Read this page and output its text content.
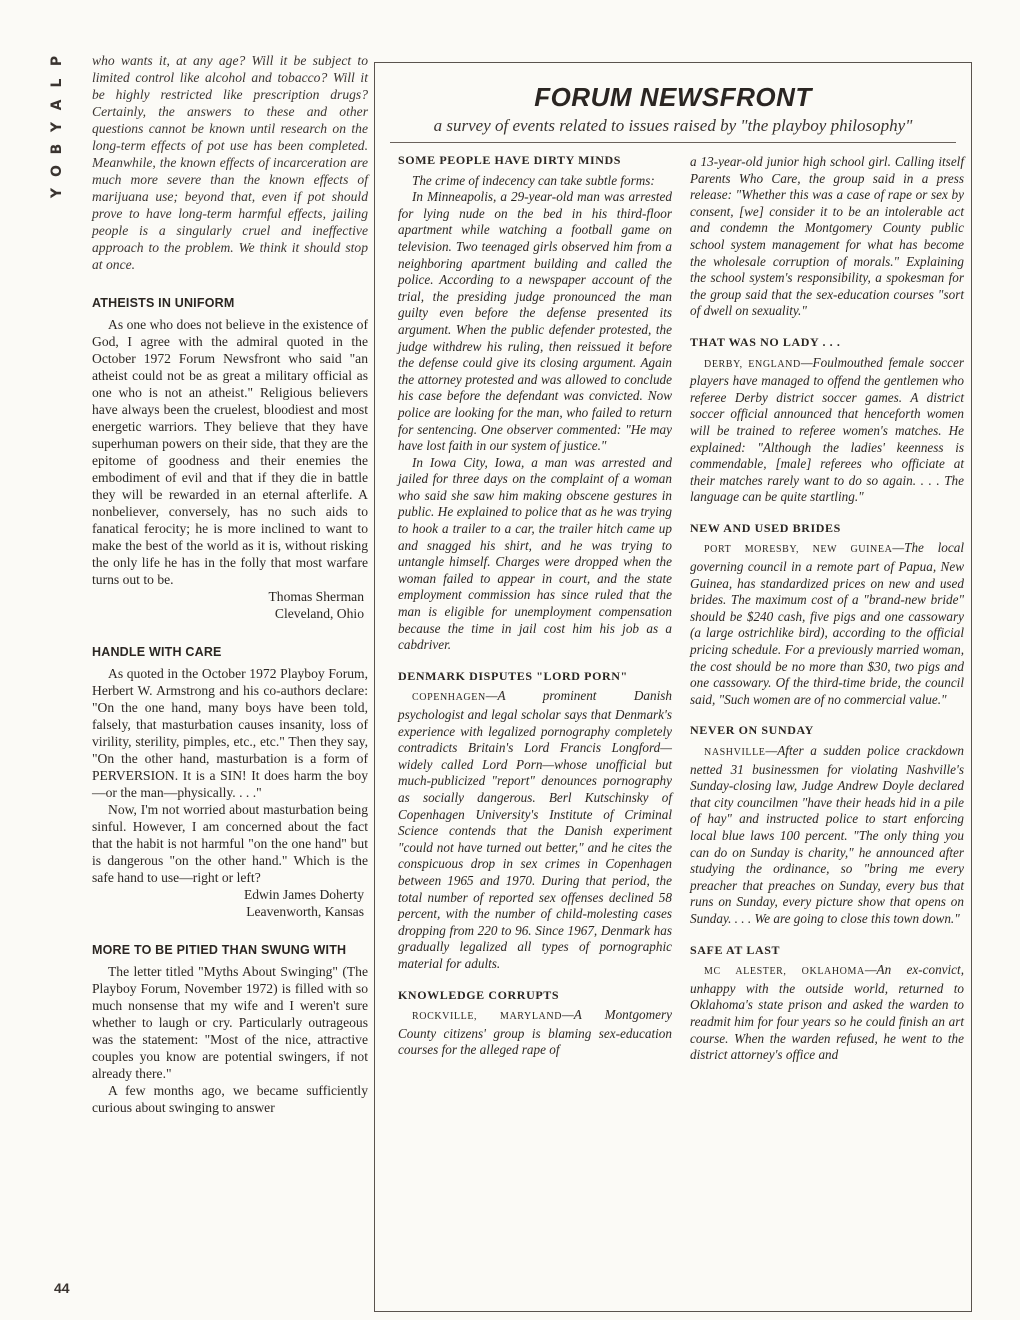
P
L
A
Y
B
O
Y
44

who wants it, at any age? Will it be subject to limited control like alcohol and tobacco? Will it be highly restricted like prescription drugs? Certainly, the answers to these and other questions cannot be known until research on the long-term effects of pot use has been completed. Meanwhile, the known effects of incarceration are much more severe than the known effects of marijuana use; beyond that, even if pot should prove to have long-term harmful effects, jailing people is a singularly cruel and ineffective approach to the problem. We think it should stop at once.

ATHEISTS IN UNIFORM

As one who does not believe in the existence of God, I agree with the admiral quoted in the October 1972 Forum Newsfront who said "an atheist could not be as great a military official as one who is not an atheist." Religious believers have always been the cruelest, bloodiest and most energetic warriors. They believe that they have superhuman powers on their side, that they are the epitome of goodness and their enemies the embodiment of evil and that if they die in battle they will be rewarded in an eternal afterlife. A nonbeliever, conversely, has no such aids to fanatical ferocity; he is more inclined to want to make the best of the world as it is, without risking the only life he has in the folly that most warfare turns out to be.

Thomas Sherman

Cleveland, Ohio

HANDLE WITH CARE

As quoted in the October 1972 Playboy Forum, Herbert W. Armstrong and his co-authors declare: "On the one hand, many boys have been told, falsely, that masturbation causes insanity, loss of virility, sterility, pimples, etc., etc." Then they say, "On the other hand, masturbation is a form of PERVERSION. It is a SIN! It does harm the boy—or the man—physically. . . ."

Now, I'm not worried about masturbation being sinful. However, I am concerned about the fact that the habit is not harmful "on the one hand" but is dangerous "on the other hand." Which is the safe hand to use—right or left?

Edwin James Doherty

Leavenworth, Kansas

MORE TO BE PITIED THAN SWUNG WITH

The letter titled "Myths About Swinging" (The Playboy Forum, November 1972) is filled with so much nonsense that my wife and I weren't sure whether to laugh or cry. Particularly outrageous was the statement: "Most of the nice, attractive couples you know are potential swingers, if not already there."

A few months ago, we became sufficiently curious about swinging to answer

FORUM NEWSFRONT
a survey of events related to issues raised by "the playboy philosophy"
SOME PEOPLE HAVE DIRTY MINDS

The crime of indecency can take subtle forms:

In Minneapolis, a 29-year-old man was arrested for lying nude on the bed in his third-floor apartment while watching a football game on television. Two teenaged girls observed him from a neighboring apartment building and called the police. According to a newspaper account of the trial, the presiding judge pronounced the man guilty even before the defense presented its argument. When the public defender protested, the judge withdrew his ruling, then reissued it before the defense could give its closing argument. Again the attorney protested and was allowed to conclude his case before the defendant was convicted. Now police are looking for the man, who failed to return for sentencing. One observer commented: "He may have lost faith in our system of justice."

In Iowa City, Iowa, a man was arrested and jailed for three days on the complaint of a woman who said she saw him making obscene gestures in public. He explained to police that as he was trying to hook a trailer to a car, the trailer hitch came up and snagged his shirt, and he was trying to untangle himself. Charges were dropped when the woman failed to appear in court, and the state employment commission has since ruled that the man is eligible for unemployment compensation because the time in jail cost him his job as a cabdriver.

DENMARK DISPUTES "LORD PORN"

COPENHAGEN—A prominent Danish psychologist and legal scholar says that Denmark's experience with legalized pornography completely contradicts Britain's Lord Francis Longford—widely called Lord Porn—whose unofficial but much-publicized "report" denounces pornography as socially dangerous. Berl Kutschinsky of Copenhagen University's Institute of Criminal Science contends that the Danish experiment "could not have turned out better," and he cites the conspicuous drop in sex crimes in Copenhagen between 1965 and 1970. During that period, the total number of reported sex offenses declined 58 percent, with the number of child-molesting cases dropping from 220 to 96. Since 1967, Denmark has gradually legalized all types of pornographic material for adults.

KNOWLEDGE CORRUPTS

ROCKVILLE, MARYLAND—A Montgomery County citizens' group is blaming sex-education courses for the alleged rape of

a 13-year-old junior high school girl. Calling itself Parents Who Care, the group said in a press release: "Whether this was a case of rape or sex by consent, [we] consider it to be an intolerable act and condemn the Montgomery County public school system management for what has become the wholesale corruption of morals." Explaining the school system's responsibility, a spokesman for the group said that the sex-education courses "sort of dwell on sexuality."

THAT WAS NO LADY . . .

DERBY, ENGLAND—Foulmouthed female soccer players have managed to offend the gentlemen who referee Derby district soccer games. A district soccer official announced that henceforth women will be trained to referee women's matches. He explained: "Although the ladies' keenness is commendable, [male] referees who officiate at their matches rarely want to do so again. . . . The language can be quite startling."

NEW AND USED BRIDES

PORT MORESBY, NEW GUINEA—The local governing council in a remote part of Papua, New Guinea, has standardized prices on new and used brides. The maximum cost of a "brand-new bride" should be $240 cash, five pigs and one cassowary (a large ostrichlike bird), according to the official pricing schedule. For a previously married woman, the cost should be no more than $30, two pigs and one cassowary. Of the third-time bride, the council said, "Such women are of no commercial value."

NEVER ON SUNDAY

NASHVILLE—After a sudden police crackdown netted 31 businessmen for violating Nashville's Sunday-closing law, Judge Andrew Doyle declared that city councilmen "have their heads hid in a pile of hay" and instructed police to start enforcing local blue laws 100 percent. "The only thing you can do on Sunday is charity," he announced after studying the ordinance, so "bring me every preacher that preaches on Sunday, every bus that runs on Sunday, every picture show that opens on Sunday. . . . We are going to close this town down."

SAFE AT LAST

MC ALESTER, OKLAHOMA—An ex-convict, unhappy with the outside world, returned to Oklahoma's state prison and asked the warden to readmit him for four years so he could finish an art course. When the warden refused, he went to the district attorney's office and
